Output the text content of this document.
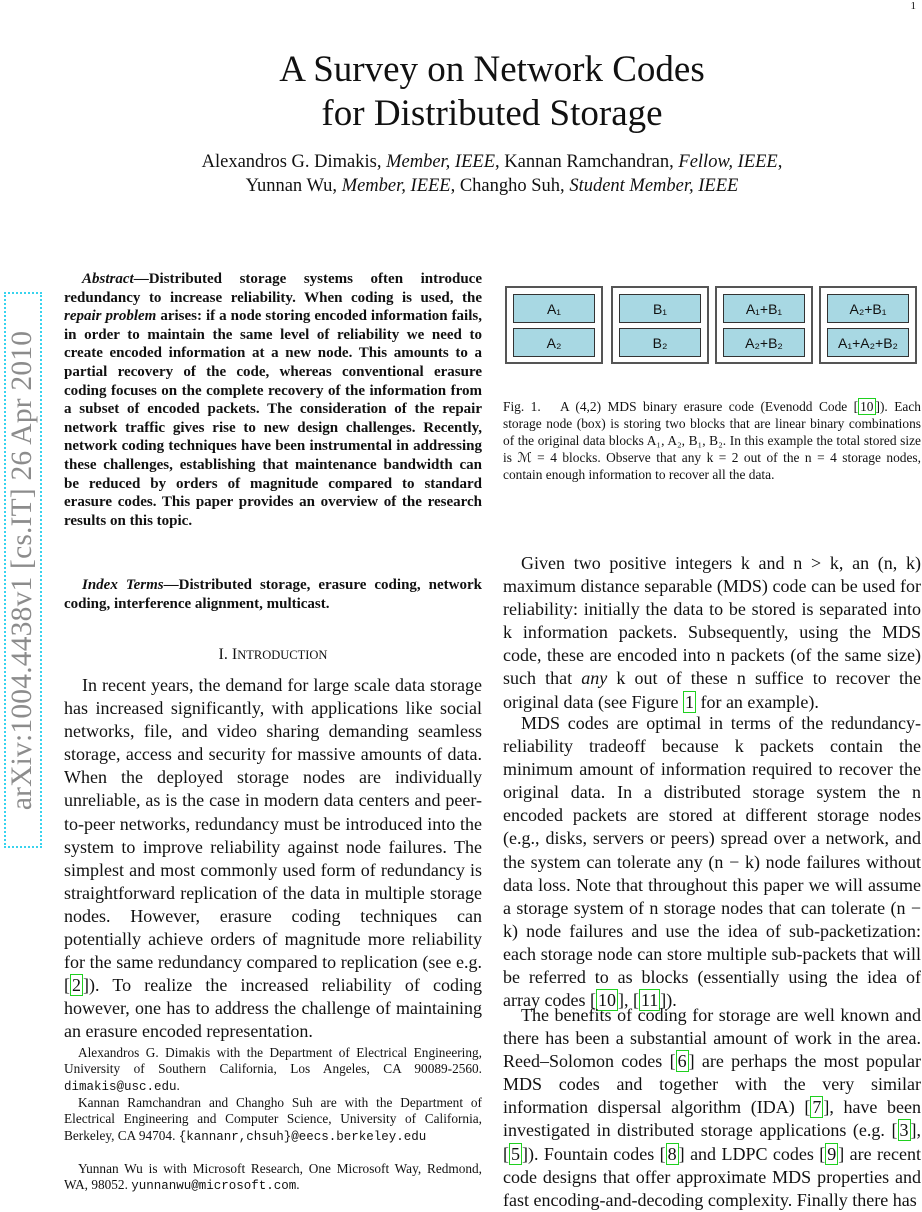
1
arXiv:1004.4438v1 [cs.IT] 26 Apr 2010
A Survey on Network Codes
for Distributed Storage
Alexandros G. Dimakis, Member, IEEE, Kannan Ramchandran, Fellow, IEEE,
Yunnan Wu, Member, IEEE, Changho Suh, Student Member, IEEE

Abstract—Distributed storage systems often introduce redundancy to increase reliability. When coding is used, the repair problem arises: if a node storing encoded information fails, in order to maintain the same level of reliability we need to create encoded information at a new node. This amounts to a partial recovery of the code, whereas conventional erasure coding focuses on the complete recovery of the information from a subset of encoded packets. The consideration of the repair network traffic gives rise to new design challenges. Recently, network coding techniques have been instrumental in addressing these challenges, establishing that maintenance bandwidth can be reduced by orders of magnitude compared to standard erasure codes. This paper provides an overview of the research results on this topic.

Index Terms—Distributed storage, erasure coding, network coding, interference alignment, multicast.

I. INTRODUCTION

In recent years, the demand for large scale data storage has increased significantly, with applications like social networks, file, and video sharing demanding seamless storage, access and security for massive amounts of data. When the deployed storage nodes are individually unreliable, as is the case in modern data centers and peer-to-peer networks, redundancy must be introduced into the system to improve reliability against node failures. The simplest and most commonly used form of redundancy is straightforward replication of the data in multiple storage nodes. However, erasure coding techniques can potentially achieve orders of magnitude more reliability for the same redundancy compared to replication (see e.g. [ 2 ]). To realize the increased reliability of coding however, one has to address the challenge of maintaining an erasure encoded representation.

Alexandros G. Dimakis with the Department of Electrical Engineering, University of Southern California, Los Angeles, CA 90089-2560. dimakis@usc.edu.

Kannan Ramchandran and Changho Suh are with the Department of Electrical Engineering and Computer Science, University of California, Berkeley, CA 94704. {kannanr,chsuh}@eecs.berkeley.edu

Yunnan Wu is with Microsoft Research, One Microsoft Way, Redmond, WA, 98052. yunnanwu@microsoft.com.

A₁
A₂
B₁
B₂
A₁+B₁
A₂+B₂
A₂+B₁
A₁+A₂+B₂

Fig. 1. A (4,2) MDS binary erasure code (Evenodd Code [ 10 ]). Each storage node (box) is storing two blocks that are linear binary combinations of the original data blocks A₁, A₂, B₁, B₂. In this example the total stored size is ℳ = 4 blocks. Observe that any k = 2 out of the n = 4 storage nodes, contain enough information to recover all the data.

Given two positive integers k and n > k, an (n, k) maximum distance separable (MDS) code can be used for reliability: initially the data to be stored is separated into k information packets. Subsequently, using the MDS code, these are encoded into n packets (of the same size) such that any k out of these n suffice to recover the original data (see Figure 1 for an example).

MDS codes are optimal in terms of the redundancy-reliability tradeoff because k packets contain the minimum amount of information required to recover the original data. In a distributed storage system the n encoded packets are stored at different storage nodes (e.g., disks, servers or peers) spread over a network, and the system can tolerate any (n − k) node failures without data loss. Note that throughout this paper we will assume a storage system of n storage nodes that can tolerate (n − k) node failures and use the idea of sub-packetization: each storage node can store multiple sub-packets that will be referred to as blocks (essentially using the idea of array codes [ 10 ], [ 11 ]).

The benefits of coding for storage are well known and there has been a substantial amount of work in the area. Reed–Solomon codes [ 6 ] are perhaps the most popular MDS codes and together with the very similar information dispersal algorithm (IDA) [ 7 ], have been investigated in distributed storage applications (e.g. [ 3 ], [ 5 ]). Fountain codes [ 8 ] and LDPC codes [ 9 ] are recent code designs that offer approximate MDS properties and fast encoding-and-decoding complexity. Finally there has
